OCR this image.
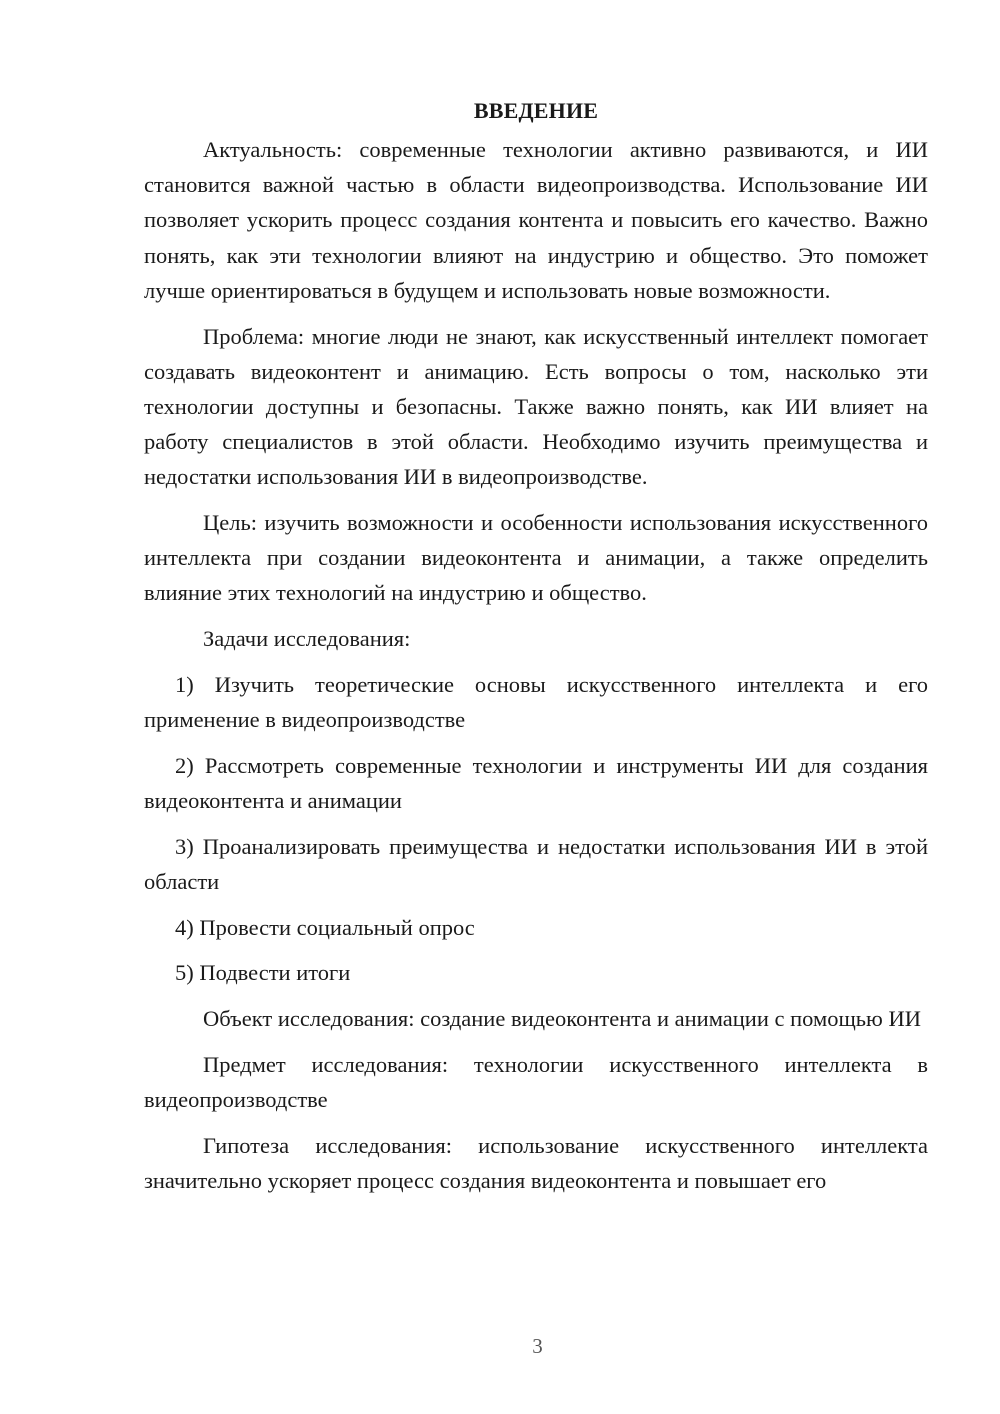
ВВЕДЕНИЕ

Актуальность: современные технологии активно развиваются, и ИИ становится важной частью в области видеопроизводства. Использование ИИ позволяет ускорить процесс создания контента и повысить его качество. Важно понять, как эти технологии влияют на индустрию и общество. Это поможет лучше ориентироваться в будущем и использовать новые возможности.

Проблема: многие люди не знают, как искусственный интеллект помогает создавать видеоконтент и анимацию. Есть вопросы о том, насколько эти технологии доступны и безопасны. Также важно понять, как ИИ влияет на работу специалистов в этой области. Необходимо изучить преимущества и недостатки использования ИИ в видеопроизводстве.

Цель: изучить возможности и особенности использования искусственного интеллекта при создании видеоконтента и анимации, а также определить влияние этих технологий на индустрию и общество.

Задачи исследования:

1) Изучить теоретические основы искусственного интеллекта и его применение в видеопроизводстве

2) Рассмотреть современные технологии и инструменты ИИ для создания видеоконтента и анимации

3) Проанализировать преимущества и недостатки использования ИИ в этой области

4) Провести социальный опрос

5) Подвести итоги

Объект исследования: создание видеоконтента и анимации с помощью ИИ

Предмет исследования: технологии искусственного интеллекта в видеопроизводстве

Гипотеза исследования: использование искусственного интеллекта значительно ускоряет процесс создания видеоконтента и повышает его

3
